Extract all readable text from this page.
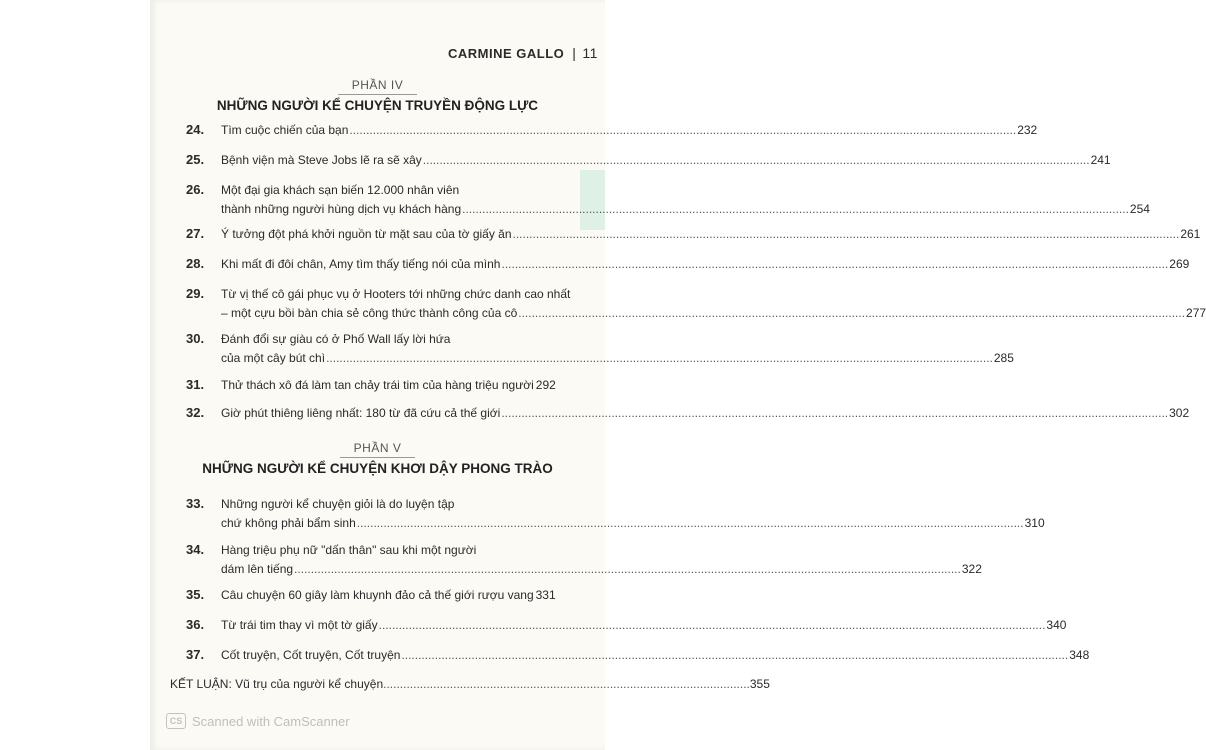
CARMINE GALLO | 11
PHẦN IV
NHỮNG NGƯỜI KỂ CHUYỆN TRUYỀN ĐỘNG LỰC
24. Tìm cuộc chiến của bạn ........................................................................................................................................................................................................ 232
25. Bệnh viện mà Steve Jobs lẽ ra sẽ xây ........................................................................................................................................................................................................ 241
26. Một đại gia khách sạn biến 12.000 nhân viên
thành những người hùng dịch vụ khách hàng ........................................................................................................................................................................................................ 254
27. Ý tưởng đột phá khởi nguồn từ mặt sau của tờ giấy ăn ........................................................................................................................................................................................................ 261
28. Khi mất đi đôi chân, Amy tìm thấy tiếng nói của mình ........................................................................................................................................................................................................ 269
29. Từ vị thế cô gái phục vụ ở Hooters tới những chức danh cao nhất
– một cựu bồi bàn chia sẻ công thức thành công của cô ........................................................................................................................................................................................................ 277
30. Đánh đổi sự giàu có ở Phố Wall lấy lời hứa
của một cây bút chì ........................................................................................................................................................................................................ 285
31. Thử thách xô đá làm tan chảy trái tim của hàng triệu người 292
32. Giờ phút thiêng liêng nhất: 180 từ đã cứu cả thế giới ........................................................................................................................................................................................................ 302
PHẦN V
NHỮNG NGƯỜI KỂ CHUYỆN KHƠI DẬY PHONG TRÀO
33. Những người kể chuyện giỏi là do luyện tập
chứ không phải bẩm sinh ........................................................................................................................................................................................................ 310
34. Hàng triệu phụ nữ "dấn thân" sau khi một người
dám lên tiếng ........................................................................................................................................................................................................ 322
35. Câu chuyện 60 giây làm khuynh đảo cả thế giới rượu vang 331
36. Từ trái tim thay vì một tờ giấy ........................................................................................................................................................................................................ 340
37. Cốt truyện, Cốt truyện, Cốt truyện ........................................................................................................................................................................................................ 348
KẾT LUẬN: Vũ trụ của người kể chuyện .............................................................................................................. 355
CS Scanned with CamScanner
